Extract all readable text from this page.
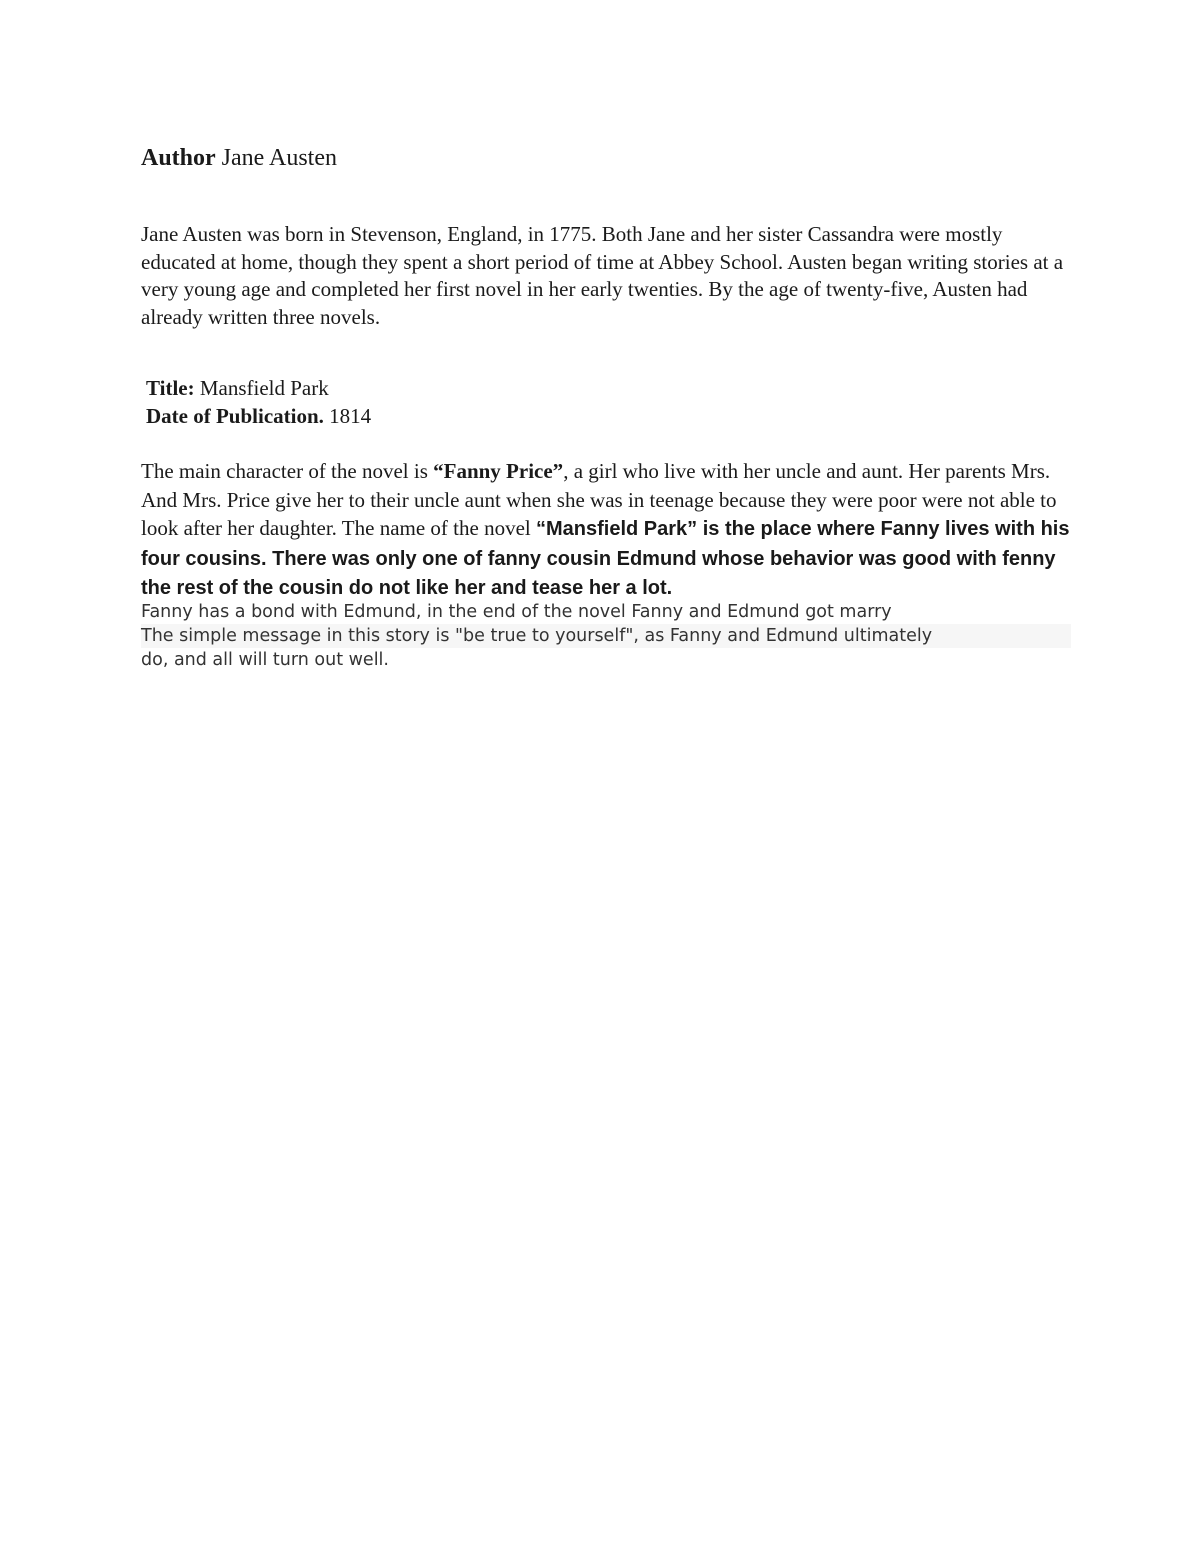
Author Jane Austen
Jane Austen was born in Stevenson, England, in 1775. Both Jane and her sister Cassandra were mostly educated at home, though they spent a short period of time at Abbey School. Austen began writing stories at a very young age and completed her first novel in her early twenties. By the age of twenty-five, Austen had already written three novels.
Title: Mansfield Park
Date of Publication. 1814
The main character of the novel is “Fanny Price”, a girl who live with her uncle and aunt. Her parents Mrs. And Mrs. Price give her to their uncle aunt when she was in teenage because they were poor were not able to look after her daughter. The name of the novel “Mansfield Park” is the place where Fanny lives with his four cousins. There was only one of fanny cousin Edmund whose behavior was good with fenny the rest of the cousin do not like her and tease her a lot.
Fanny has a bond with Edmund, in the end of the novel Fanny and Edmund got marry
The simple message in this story is "be true to yourself", as Fanny and Edmund ultimately
do, and all will turn out well.
